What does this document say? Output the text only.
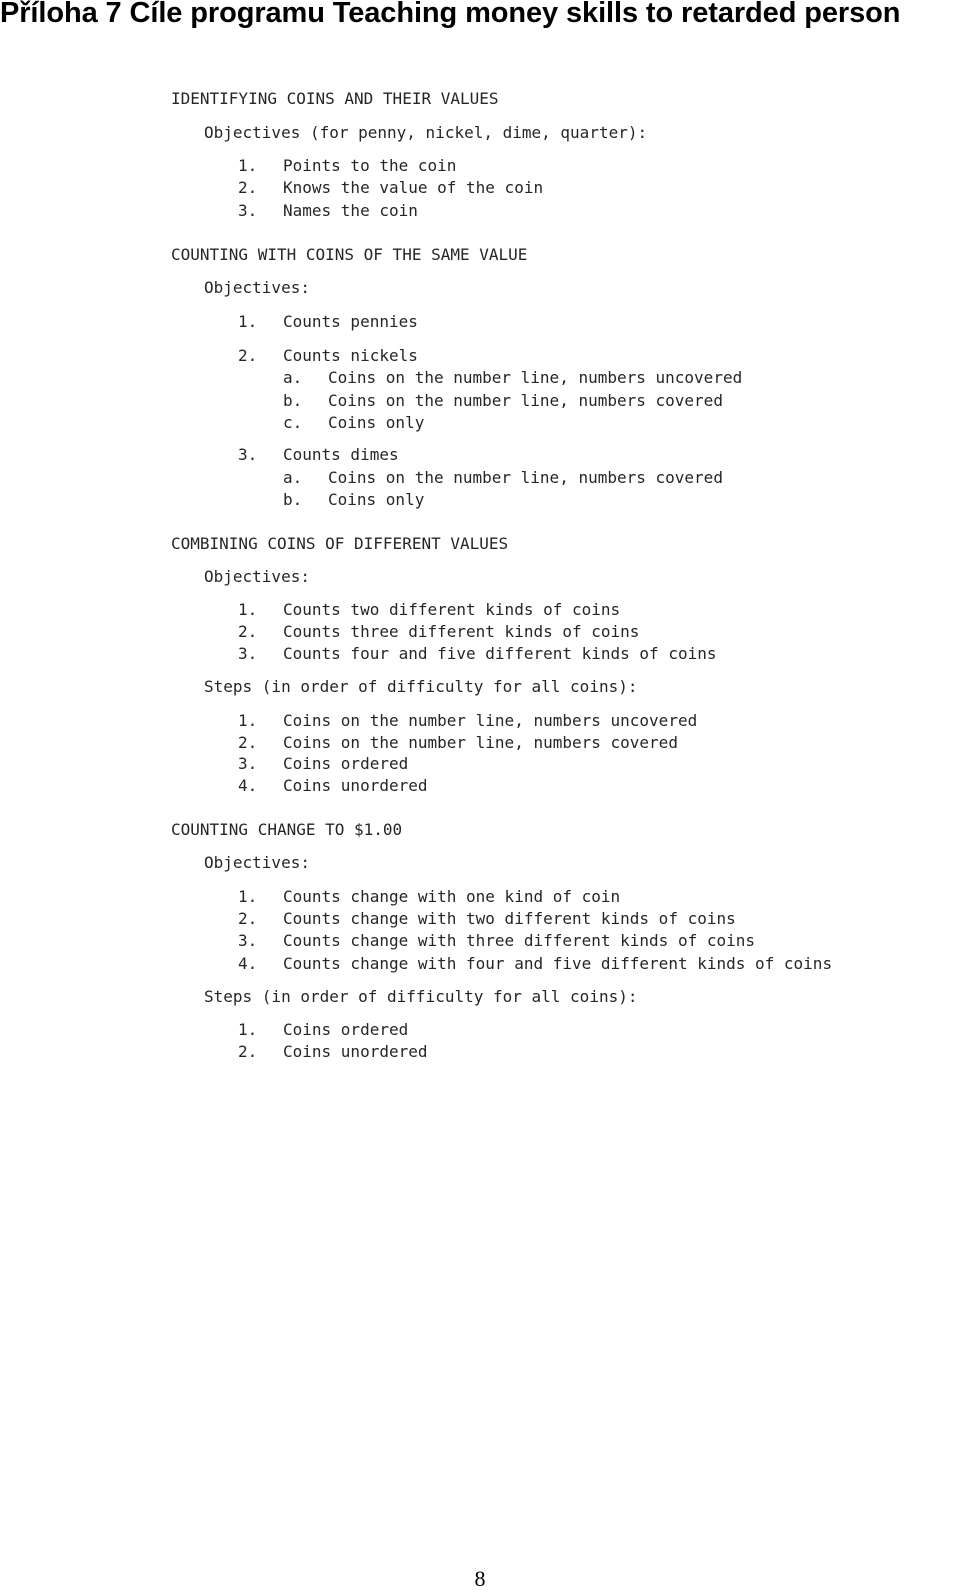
Příloha 7 Cíle programu Teaching money skills to retarded person
IDENTIFYING COINS AND THEIR VALUES
Objectives (for penny, nickel, dime, quarter):
1. Points to the coin
2. Knows the value of the coin
3. Names the coin
COUNTING WITH COINS OF THE SAME VALUE
Objectives:
1. Counts pennies
2. Counts nickels
a. Coins on the number line, numbers uncovered
b. Coins on the number line, numbers covered
c. Coins only
3. Counts dimes
a. Coins on the number line, numbers covered
b. Coins only
COMBINING COINS OF DIFFERENT VALUES
Objectives:
1. Counts two different kinds of coins
2. Counts three different kinds of coins
3. Counts four and five different kinds of coins
Steps (in order of difficulty for all coins):
1. Coins on the number line, numbers uncovered
2. Coins on the number line, numbers covered
3. Coins ordered
4. Coins unordered
COUNTING CHANGE TO $1.00
Objectives:
1. Counts change with one kind of coin
2. Counts change with two different kinds of coins
3. Counts change with three different kinds of coins
4. Counts change with four and five different kinds of coins
Steps (in order of difficulty for all coins):
1. Coins ordered
2. Coins unordered
8
